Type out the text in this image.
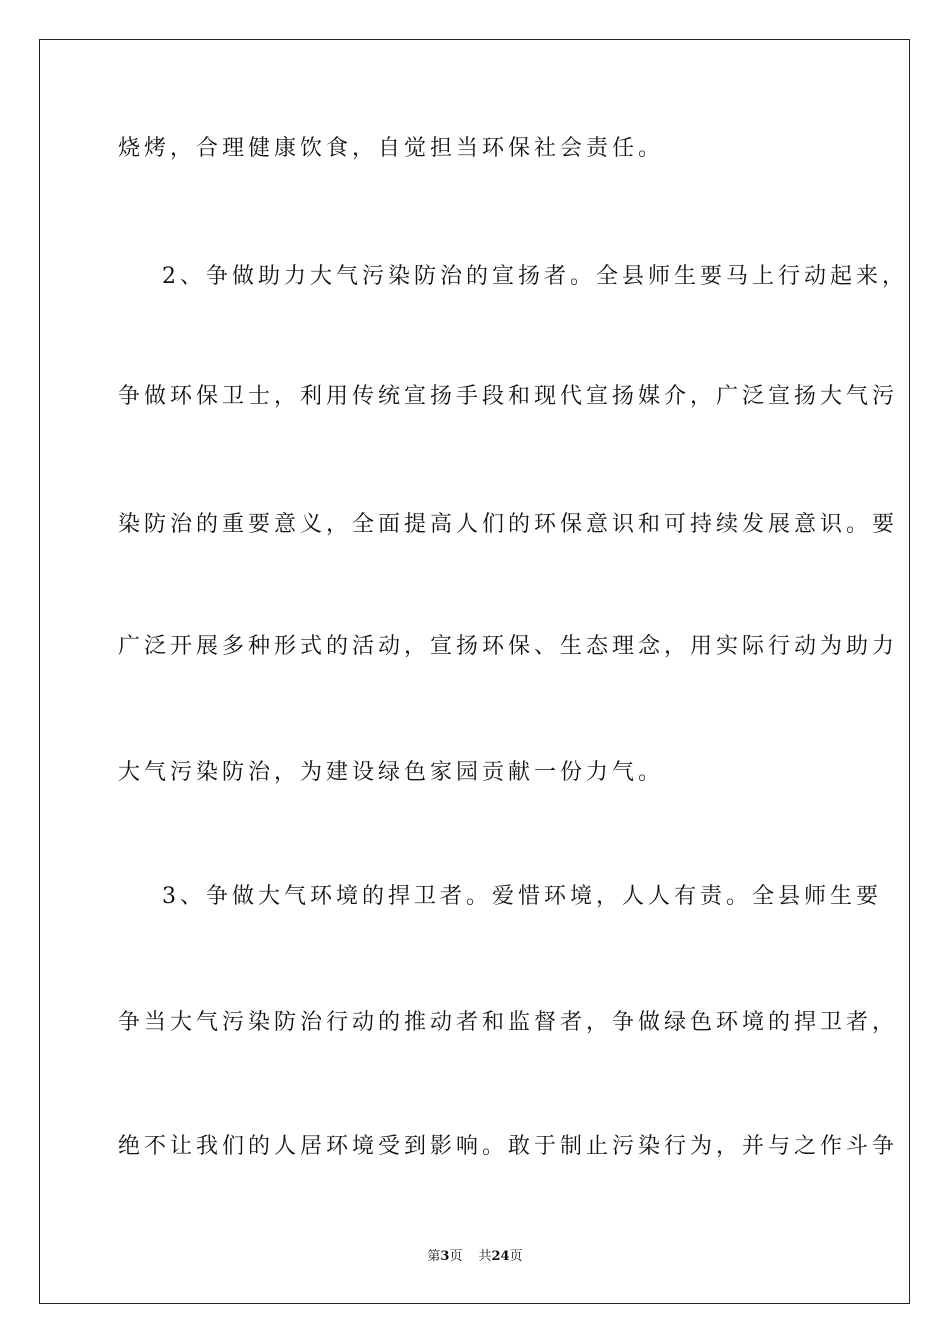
烧烤，合理健康饮食，自觉担当环保社会责任。
2、争做助力大气污染防治的宣扬者。全县师生要马上行动起来，
争做环保卫士，利用传统宣扬手段和现代宣扬媒介，广泛宣扬大气污
染防治的重要意义，全面提高人们的环保意识和可持续发展意识。要
广泛开展多种形式的活动，宣扬环保、生态理念，用实际行动为助力
大气污染防治，为建设绿色家园贡献一份力气。
3、争做大气环境的捍卫者。爱惜环境，人人有责。全县师生要
争当大气污染防治行动的推动者和监督者，争做绿色环境的捍卫者，
绝不让我们的人居环境受到影响。敢于制止污染行为，并与之作斗争
第3页 共24页
